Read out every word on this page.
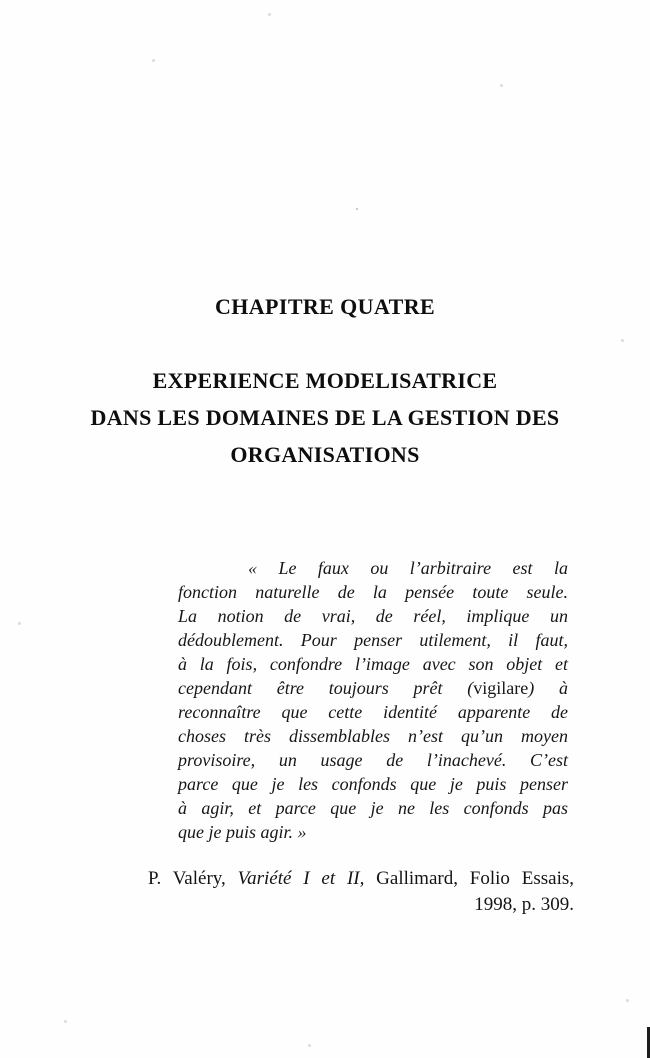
CHAPITRE QUATRE
EXPERIENCE MODELISATRICE
DANS LES DOMAINES DE LA GESTION DES
ORGANISATIONS
« Le faux ou l’arbitraire est la
fonction naturelle de la pensée toute seule.
La notion de vrai, de réel, implique un
dédoublement. Pour penser utilement, il faut,
à la fois, confondre l’image avec son objet et
cependant être toujours prêt (vigilare) à
reconnaître que cette identité apparente de
choses très dissemblables n’est qu’un moyen
provisoire, un usage de l’inachevé. C’est
parce que je les confonds que je puis penser
à agir, et parce que je ne les confonds pas
que je puis agir. »
P. Valéry, Variété I et II, Gallimard, Folio Essais,
1998, p. 309.
